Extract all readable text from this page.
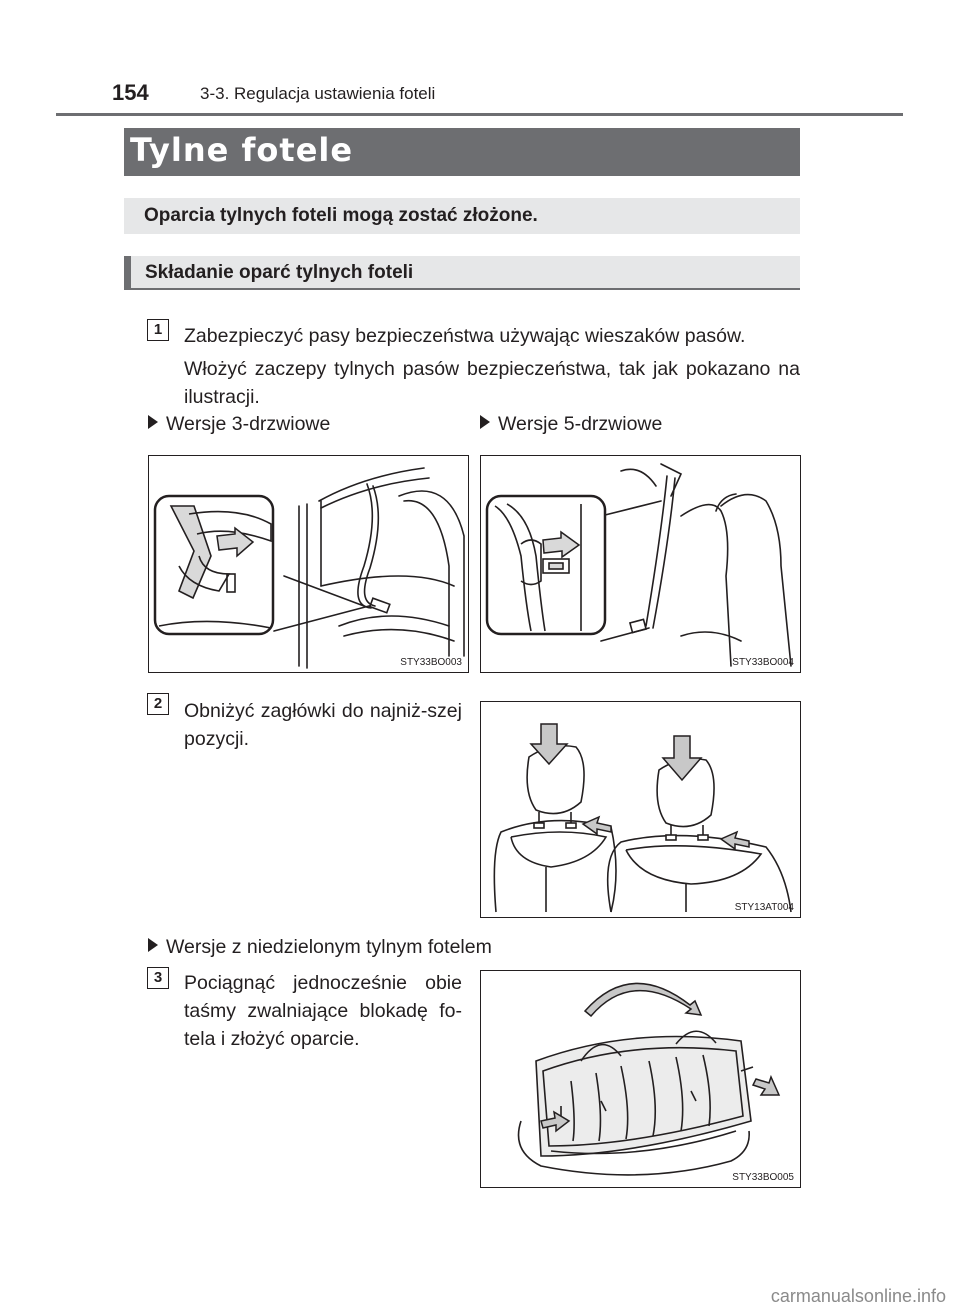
154	3-3. Regulacja ustawienia foteli
Tylne fotele
Oparcia tylnych foteli mogą zostać złożone.
Składanie oparć tylnych foteli
1	Zabezpieczyć pasy bezpieczeństwa używając wieszaków pasów.
Włożyć zaczepy tylnych pasów bezpieczeństwa, tak jak pokazano na ilustracji.
Wersje 3-drzwiowe	Wersje 5-drzwiowe
STY33BO003	STY33BO004
2	Obniżyć zagłówki do najniż-szej pozycji.
STY13AT004
Wersje z niedzielonym tylnym fotelem
3	Pociągnąć jednocześnie obie taśmy zwalniające blokadę fo-tela i złożyć oparcie.
STY33BO005
carmanualsonline.info
